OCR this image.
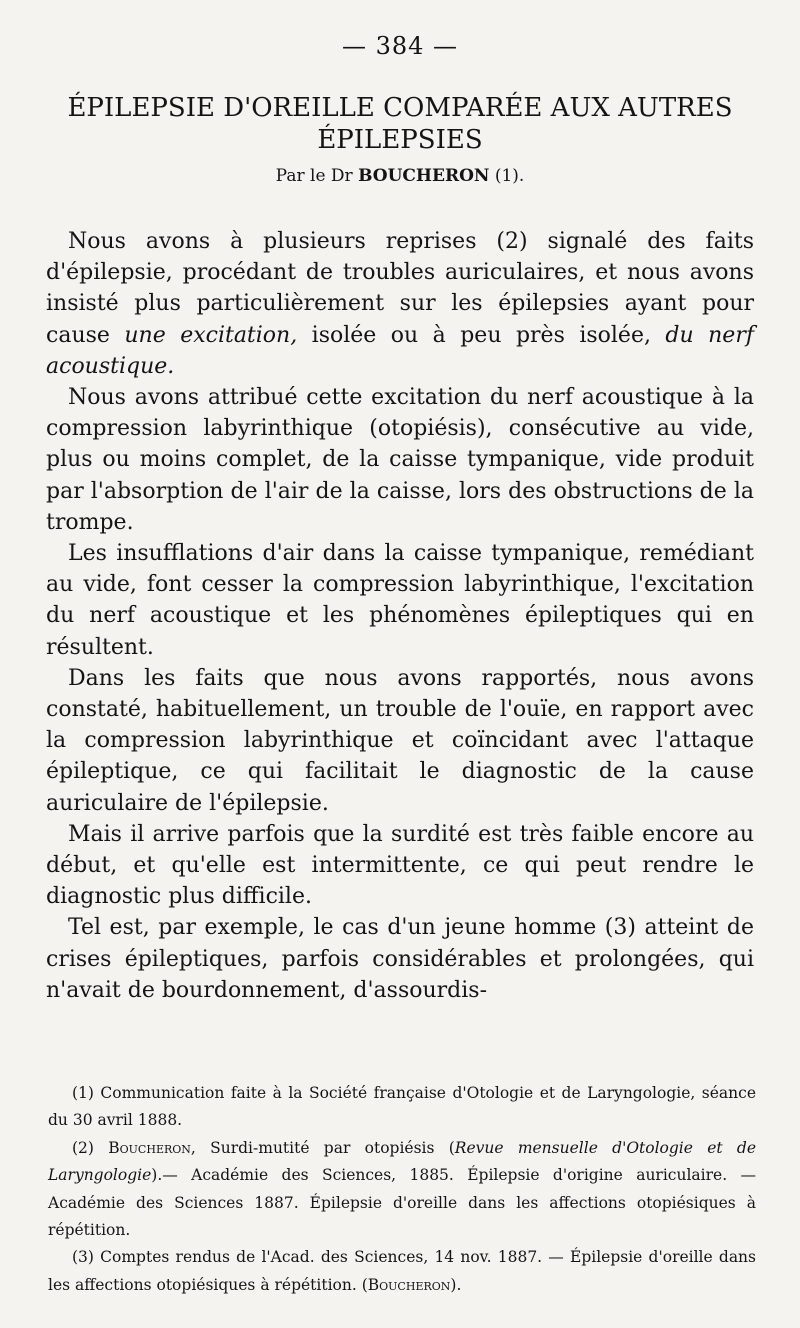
— 384 —
ÉPILEPSIE D'OREILLE COMPARÉE AUX AUTRES ÉPILEPSIES
Par le Dr BOUCHERON (1).

Nous avons à plusieurs reprises (2) signalé des faits d'épilepsie, procédant de troubles auriculaires, et nous avons insisté plus particulièrement sur les épilepsies ayant pour cause une excitation, isolée ou à peu près isolée, du nerf acoustique.

Nous avons attribué cette excitation du nerf acoustique à la compression labyrinthique (otopiésis), consécutive au vide, plus ou moins complet, de la caisse tympanique, vide produit par l'absorption de l'air de la caisse, lors des obstructions de la trompe.

Les insufflations d'air dans la caisse tympanique, remédiant au vide, font cesser la compression labyrinthique, l'excitation du nerf acoustique et les phénomènes épileptiques qui en résultent.

Dans les faits que nous avons rapportés, nous avons constaté, habituellement, un trouble de l'ouïe, en rapport avec la compression labyrinthique et coïncidant avec l'attaque épileptique, ce qui facilitait le diagnostic de la cause auriculaire de l'épilepsie.

Mais il arrive parfois que la surdité est très faible encore au début, et qu'elle est intermittente, ce qui peut rendre le diagnostic plus difficile.

Tel est, par exemple, le cas d'un jeune homme (3) atteint de crises épileptiques, parfois considérables et prolongées, qui n'avait de bourdonnement, d'assourdis-

(1) Communication faite à la Société française d'Otologie et de Laryngologie, séance du 30 avril 1888.

(2) Boucheron, Surdi-mutité par otopiésis (Revue mensuelle d'Otologie et de Laryngologie).— Académie des Sciences, 1885. Épilepsie d'origine auriculaire. — Académie des Sciences 1887. Épilepsie d'oreille dans les affections otopiésiques à répétition.

(3) Comptes rendus de l'Acad. des Sciences, 14 nov. 1887. — Épilepsie d'oreille dans les affections otopiésiques à répétition. (Boucheron).
